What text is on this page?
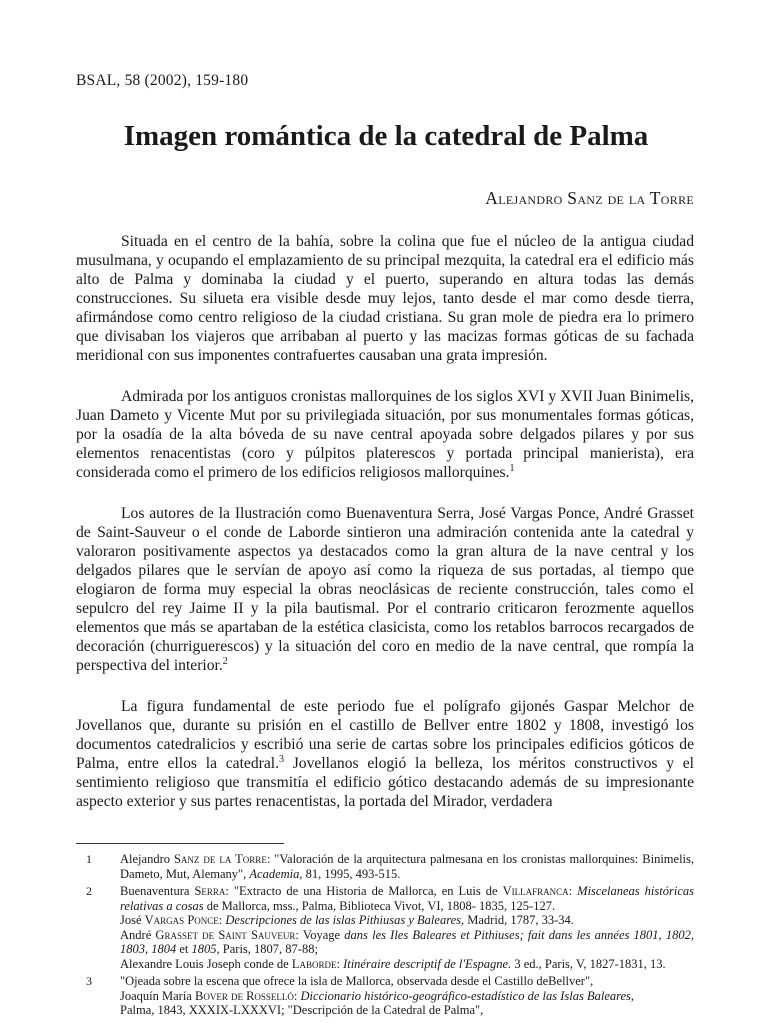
BSAL, 58 (2002), 159-180
Imagen romántica de la catedral de Palma
Alejandro Sanz de la Torre

Situada en el centro de la bahía, sobre la colina que fue el núcleo de la antigua ciudad musulmana, y ocupando el emplazamiento de su principal mezquita, la catedral era el edificio más alto de Palma y dominaba la ciudad y el puerto, superando en altura todas las demás construcciones. Su silueta era visible desde muy lejos, tanto desde el mar como desde tierra, afirmándose como centro religioso de la ciudad cristiana. Su gran mole de piedra era lo primero que divisaban los viajeros que arribaban al puerto y las macizas formas góticas de su fachada meridional con sus imponentes contrafuertes causaban una grata impresión.

Admirada por los antiguos cronistas mallorquines de los siglos XVI y XVII Juan Binimelis, Juan Dameto y Vicente Mut por su privilegiada situación, por sus monumentales formas góticas, por la osadía de la alta bóveda de su nave central apoyada sobre delgados pilares y por sus elementos renacentistas (coro y púlpitos platerescos y portada principal manierista), era considerada como el primero de los edificios religiosos mallorquines.$^1$

Los autores de la Ilustración como Buenaventura Serra, José Vargas Ponce, André Grasset de Saint-Sauveur o el conde de Laborde sintieron una admiración contenida ante la catedral y valoraron positivamente aspectos ya destacados como la gran altura de la nave central y los delgados pilares que le servían de apoyo así como la riqueza de sus portadas, al tiempo que elogiaron de forma muy especial la obras neoclásicas de reciente construcción, tales como el sepulcro del rey Jaime II y la pila bautismal. Por el contrario criticaron ferozmente aquellos elementos que más se apartaban de la estética clasicista, como los retablos barrocos recargados de decoración (churriguerescos) y la situación del coro en medio de la nave central, que rompía la perspectiva del interior.$^2$

La figura fundamental de este periodo fue el polígrafo gijonés Gaspar Melchor de Jovellanos que, durante su prisión en el castillo de Bellver entre 1802 y 1808, investigó los documentos catedralicios y escribió una serie de cartas sobre los principales edificios góticos de Palma, entre ellos la catedral.$^3$ Jovellanos elogió la belleza, los méritos constructivos y el sentimiento religioso que transmitía el edificio gótico destacando además de su impresionante aspecto exterior y sus partes renacentistas, la portada del Mirador, verdadera

1 Alejandro Sanz de la Torre: "Valoración de la arquitectura palmesana en los cronistas mallorquines: Binimelis, Dameto, Mut, Alemany", Academia, 81, 1995, 493-515.
2 Buenaventura Serra: "Extracto de una Historia de Mallorca, en Luis de Villafranca: Miscelaneas históricas relativas a cosas de Mallorca, mss., Palma, Biblioteca Vivot, VI, 1808- 1835, 125-127.
José Vargas Ponce: Descripciones de las islas Pithiusas y Baleares, Madrid, 1787, 33-34.
André Grasset de Saint Sauveur: Voyage dans les Iles Baleares et Pithiuses; fait dans les années 1801, 1802, 1803, 1804 et 1805, Paris, 1807, 87-88;
Alexandre Louis Joseph conde de Laborde: Itinéraire descriptif de l'Espagne. 3 ed., Paris, V, 1827-1831, 13.
3 "Ojeada sobre la escena que ofrece la isla de Mallorca, observada desde el Castillo deBellver",
Joaquín María Bover de Rosselló: Diccionario histórico-geográfico-estadístico de las Islas Baleares,
Palma, 1843, XXXIX-LXXXVI; "Descripción de la Catedral de Palma",
